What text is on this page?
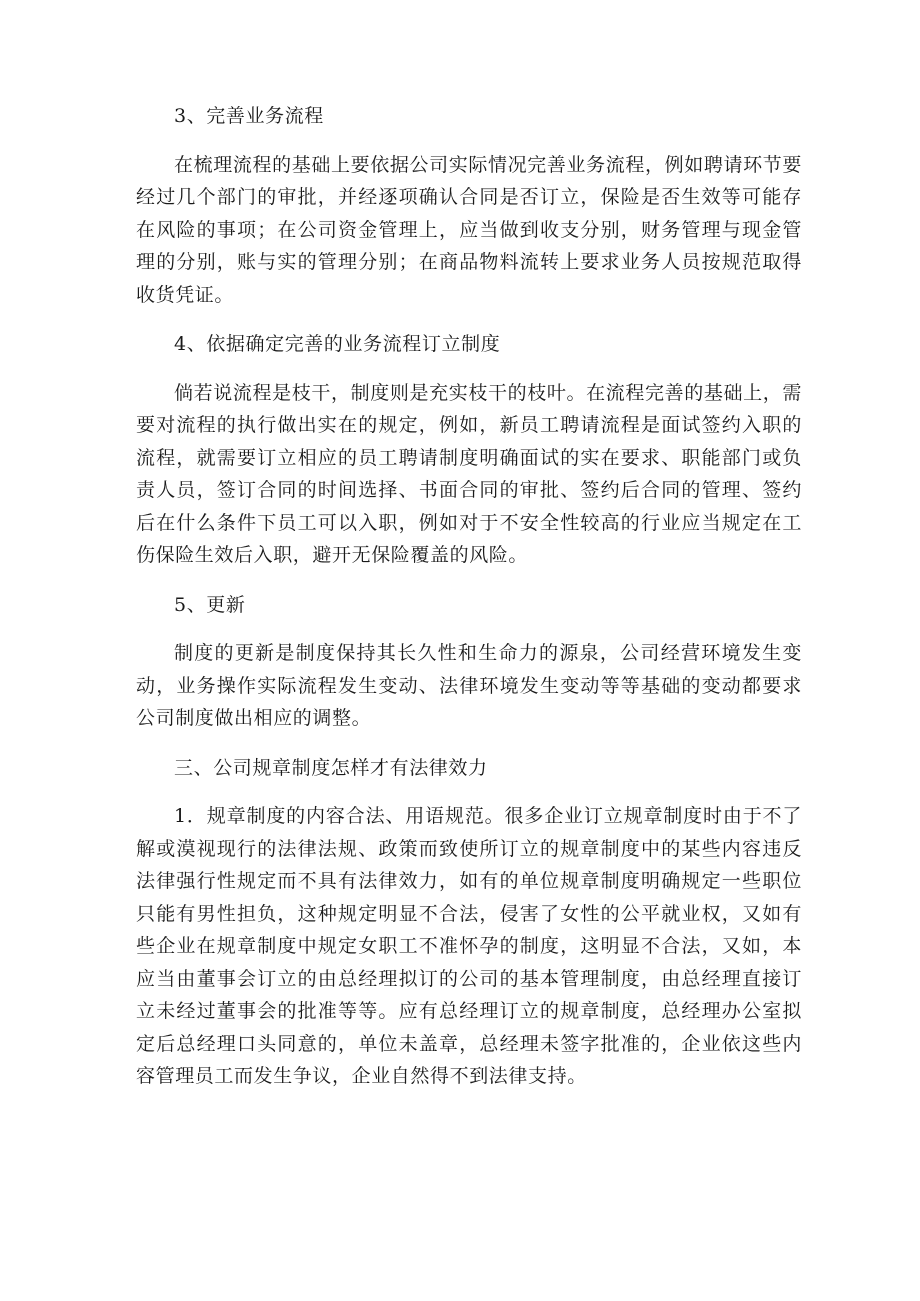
3、完善业务流程

在梳理流程的基础上要依据公司实际情况完善业务流程，例如聘请环节要经过几个部门的审批，并经逐项确认合同是否订立，保险是否生效等可能存在风险的事项；在公司资金管理上，应当做到收支分别，财务管理与现金管理的分别，账与实的管理分别；在商品物料流转上要求业务人员按规范取得收货凭证。

4、依据确定完善的业务流程订立制度

倘若说流程是枝干，制度则是充实枝干的枝叶。在流程完善的基础上，需要对流程的执行做出实在的规定，例如，新员工聘请流程是面试签约入职的流程，就需要订立相应的员工聘请制度明确面试的实在要求、职能部门或负责人员，签订合同的时间选择、书面合同的审批、签约后合同的管理、签约后在什么条件下员工可以入职，例如对于不安全性较高的行业应当规定在工伤保险生效后入职，避开无保险覆盖的风险。

5、更新

制度的更新是制度保持其长久性和生命力的源泉，公司经营环境发生变动，业务操作实际流程发生变动、法律环境发生变动等等基础的变动都要求公司制度做出相应的调整。

三、公司规章制度怎样才有法律效力

1．规章制度的内容合法、用语规范。很多企业订立规章制度时由于不了解或漠视现行的法律法规、政策而致使所订立的规章制度中的某些内容违反法律强行性规定而不具有法律效力，如有的单位规章制度明确规定一些职位只能有男性担负，这种规定明显不合法，侵害了女性的公平就业权，又如有些企业在规章制度中规定女职工不准怀孕的制度，这明显不合法，又如，本应当由董事会订立的由总经理拟订的公司的基本管理制度，由总经理直接订立未经过董事会的批准等等。应有总经理订立的规章制度，总经理办公室拟定后总经理口头同意的，单位未盖章，总经理未签字批准的，企业依这些内容管理员工而发生争议，企业自然得不到法律支持。
